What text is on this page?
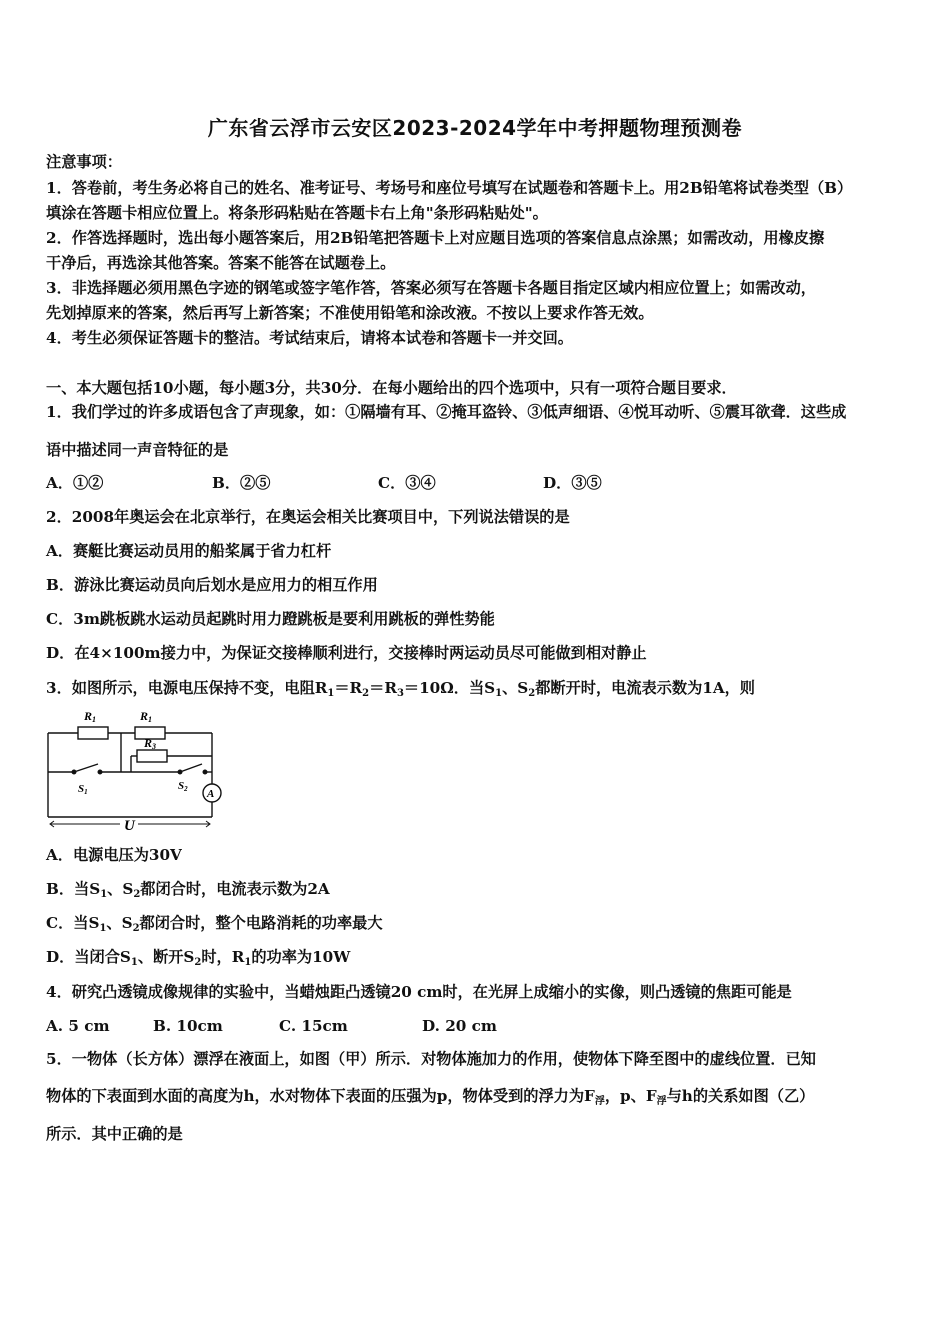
广东省云浮市云安区2023-2024学年中考押题物理预测卷
注意事项：
1．答卷前，考生务必将自己的姓名、准考证号、考场号和座位号填写在试题卷和答题卡上。用2B铅笔将试卷类型（B）
填涂在答题卡相应位置上。将条形码粘贴在答题卡右上角"条形码粘贴处"。
2．作答选择题时，选出每小题答案后，用2B铅笔把答题卡上对应题目选项的答案信息点涂黑；如需改动，用橡皮擦
干净后，再选涂其他答案。答案不能答在试题卷上。
3．非选择题必须用黑色字迹的钢笔或签字笔作答，答案必须写在答题卡各题目指定区域内相应位置上；如需改动，
先划掉原来的答案，然后再写上新答案；不准使用铅笔和涂改液。不按以上要求作答无效。
4．考生必须保证答题卡的整洁。考试结束后，请将本试卷和答题卡一并交回。
一、本大题包括10小题，每小题3分，共30分．在每小题给出的四个选项中，只有一项符合题目要求．
1．我们学过的许多成语包含了声现象，如：①隔墙有耳、②掩耳盗铃、③低声细语、④悦耳动听、⑤震耳欲聋．这些成
语中描述同一声音特征的是
A．①②	B．②⑤	C．③④	D．③⑤
2．2008年奥运会在北京举行，在奥运会相关比赛项目中，下列说法错误的是
A．赛艇比赛运动员用的船桨属于省力杠杆
B．游泳比赛运动员向后划水是应用力的相互作用
C．3m跳板跳水运动员起跳时用力蹬跳板是要利用跳板的弹性势能
D．在4×100m接力中，为保证交接棒顺利进行，交接棒时两运动员尽可能做到相对静止
3．如图所示，电源电压保持不变，电阻$R_1=R_2=R_3=10\Omega$．当$S_1$、$S_2$都断开时，电流表示数为1A，则
R1	R1
R3
S1	S2 A
U
A．电源电压为30V
B．当$S_1$、$S_2$都闭合时，电流表示数为2A
C．当$S_1$、$S_2$都闭合时，整个电路消耗的功率最大
D．当闭合$S_1$、断开$S_2$时，$R_1$的功率为10W
4．研究凸透镜成像规律的实验中，当蜡烛距凸透镜20 cm时，在光屏上成缩小的实像，则凸透镜的焦距可能是
A. 5 cm	B. 10cm	C. 15cm	D. 20 cm
5．一物体（长方体）漂浮在液面上，如图（甲）所示．对物体施加力的作用，使物体下降至图中的虚线位置．已知
物体的下表面到水面的高度为h，水对物体下表面的压强为p，物体受到的浮力为$F_浮$，p、$F_浮$与h的关系如图（乙）
所示．其中正确的是
